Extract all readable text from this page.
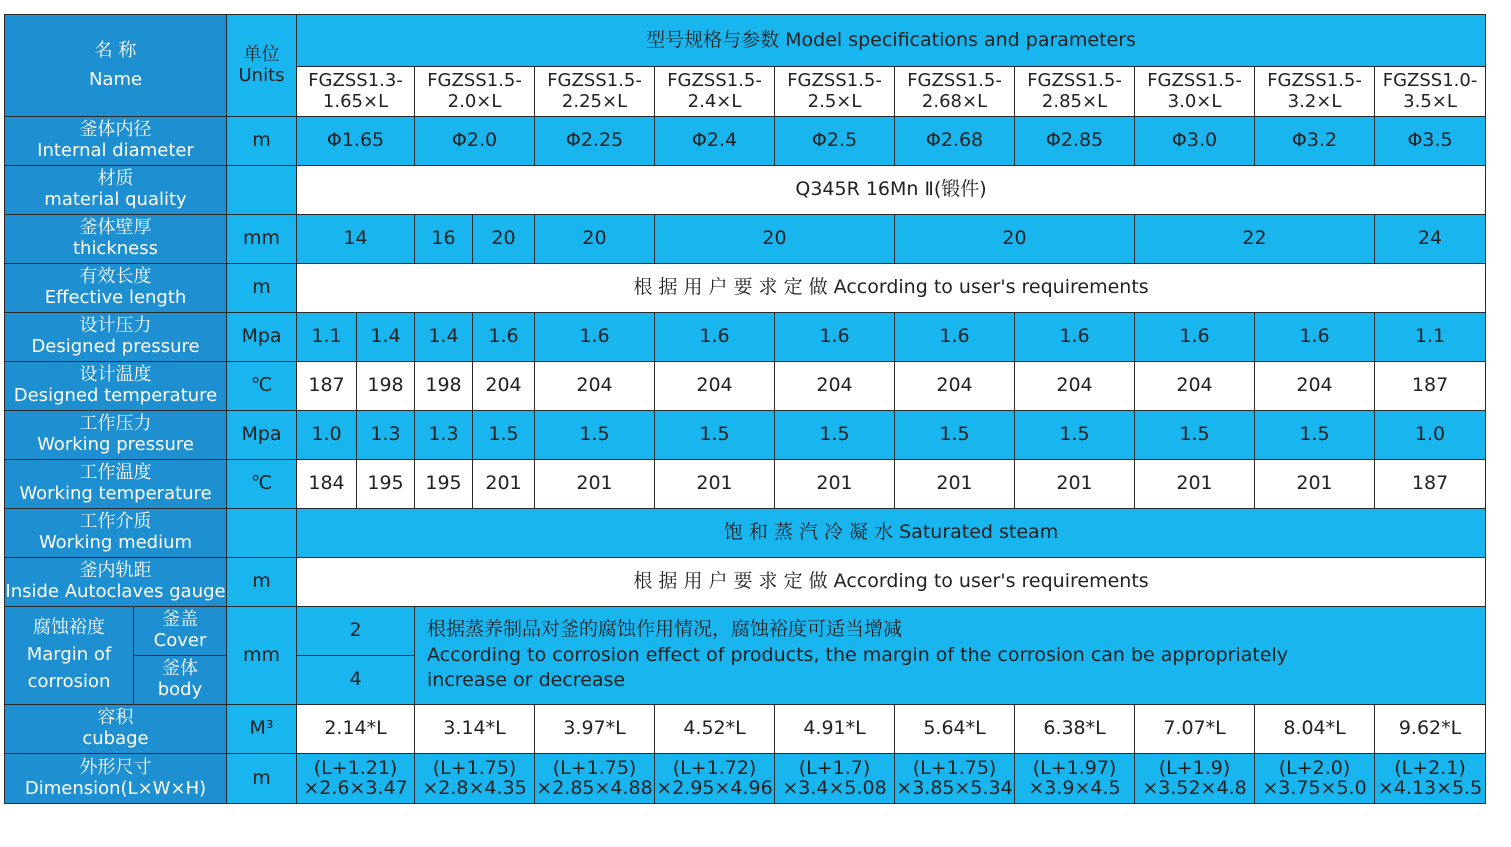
名 称
Name		单位
Units	型号规格与参数 Model specifications and parameters											

			FGZSS1.3-
1.65×L		FGZSS1.5-
2.0×L		FGZSS1.5-
2.25×L	FGZSS1.5-
2.4×L	FGZSS1.5-
2.5×L	FGZSS1.5-
2.68×L	FGZSS1.5-
2.85×L	FGZSS1.5-
3.0×L	FGZSS1.5-
3.2×L	FGZSS1.0-
3.5×L

釜体内径
Internal diameter		m	Φ1.65		Φ2.0		Φ2.25	Φ2.4	Φ2.5	Φ2.68	Φ2.85	Φ3.0	Φ3.2	Φ3.5

材质
material quality			Q345R 16Mn Ⅱ(锻件)											

釜体壁厚
thickness		mm	14		16	20	20	20		20		22		24

有效长度
Effective length		m	根 据 用 户 要 求 定 做 According to user's requirements											

设计压力
Designed pressure		Mpa	1.1	1.4	1.4	1.6	1.6	1.6	1.6	1.6	1.6	1.6	1.6	1.1

设计温度
Designed temperature		℃	187	198	198	204	204	204	204	204	204	204	204	187

工作压力
Working pressure		Mpa	1.0	1.3	1.3	1.5	1.5	1.5	1.5	1.5	1.5	1.5	1.5	1.0

工作温度
Working temperature		℃	184	195	195	201	201	201	201	201	201	201	201	187

工作介质
Working medium			饱 和 蒸 汽 冷 凝 水 Saturated steam											

釜内轨距
Inside Autoclaves gauge		m	根 据 用 户 要 求 定 做 According to user's requirements											

腐蚀裕度
Margin of
corrosion	釜盖
Cover	mm	2		根据蒸养制品对釜的腐蚀作用情况，腐蚀裕度可适当增减
According to corrosion effect of products, the margin of the corrosion can be appropriately
increase or decrease									

	釜体
body		4											

容积
cubage		M³	2.14*L		3.14*L		3.97*L	4.52*L	4.91*L	5.64*L	6.38*L	7.07*L	8.04*L	9.62*L

外形尺寸
Dimension(L×W×H)		m	(L+1.21)
×2.6×3.47		(L+1.75)
×2.8×4.35		(L+1.75)
×2.85×4.88	(L+1.72)
×2.95×4.96	(L+1.7)
×3.4×5.08	(L+1.75)
×3.85×5.34	(L+1.97)
×3.9×4.5	(L+1.9)
×3.52×4.8	(L+2.0)
×3.75×5.0	(L+2.1)
×4.13×5.5
